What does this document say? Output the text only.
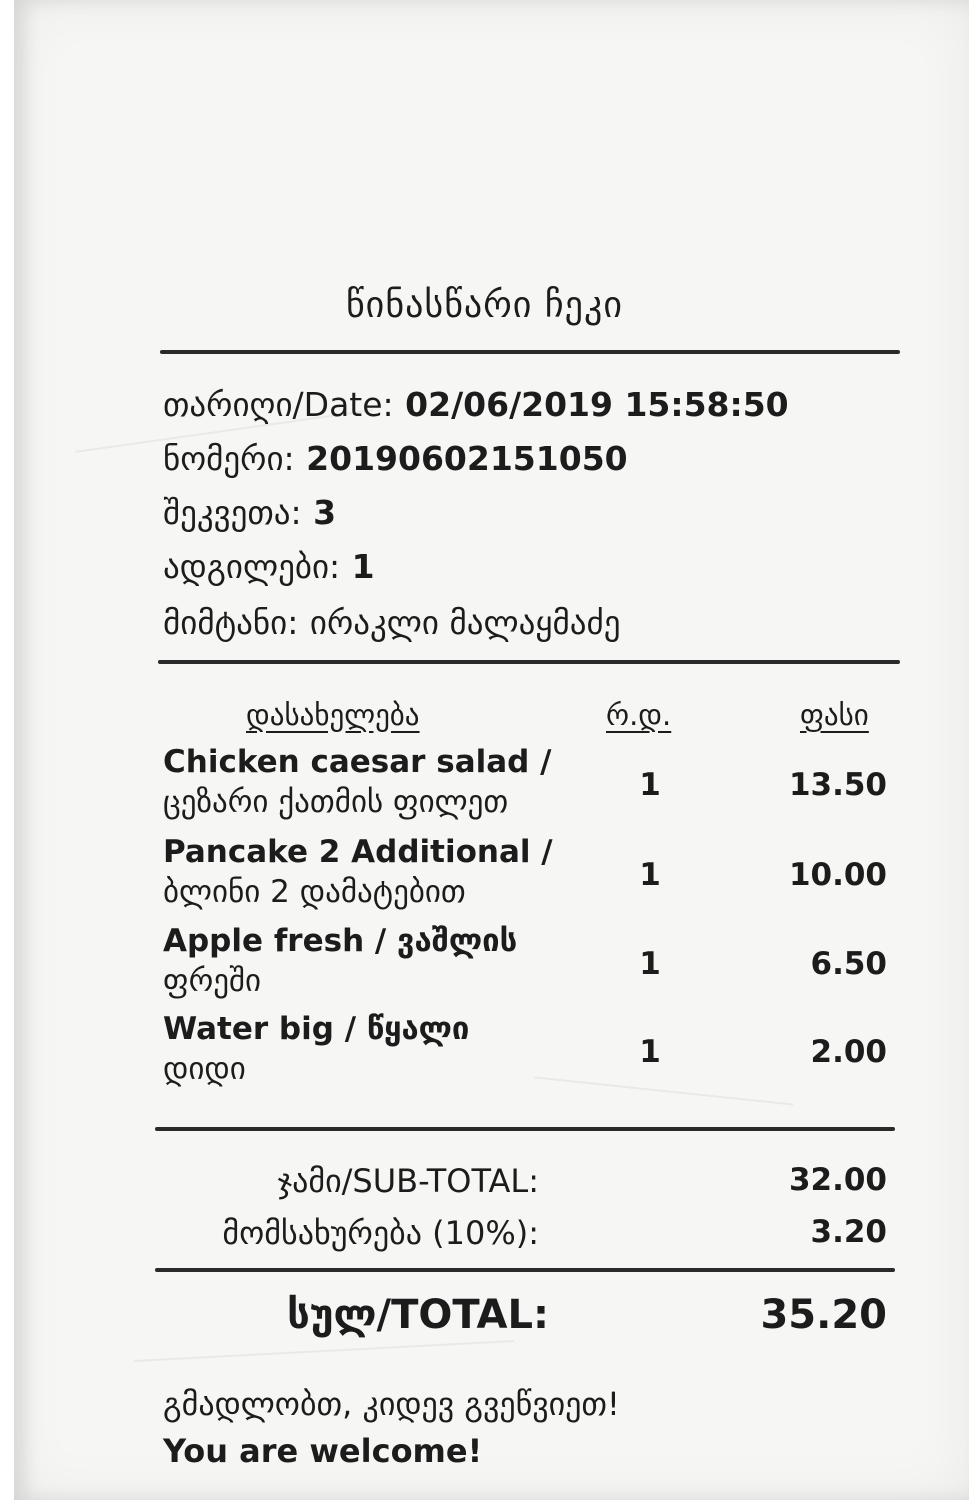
წინასწარი ჩეკი
თარიღი/Date: 02/06/2019 15:58:50
ნომერი: 20190602151050
შეკვეთა: 3
ადგილები: 1
მიმტანი: ირაკლი მალაყმაძე
დასახელება	რ.დ.	ფასი
Chicken caesar salad /
ცეზარი ქათმის ფილეთ	1	13.50
Pancake 2 Additional /
ბლინი 2 დამატებით	1	10.00
Apple fresh / ვაშლის
ფრეში	1	6.50
Water big / წყალი
დიდი	1	2.00
ჯამი/SUB-TOTAL:	32.00
მომსახურება (10%):	3.20
სულ/TOTAL:	35.20
გმადლობთ, კიდევ გვეწვიეთ!
You are welcome!
